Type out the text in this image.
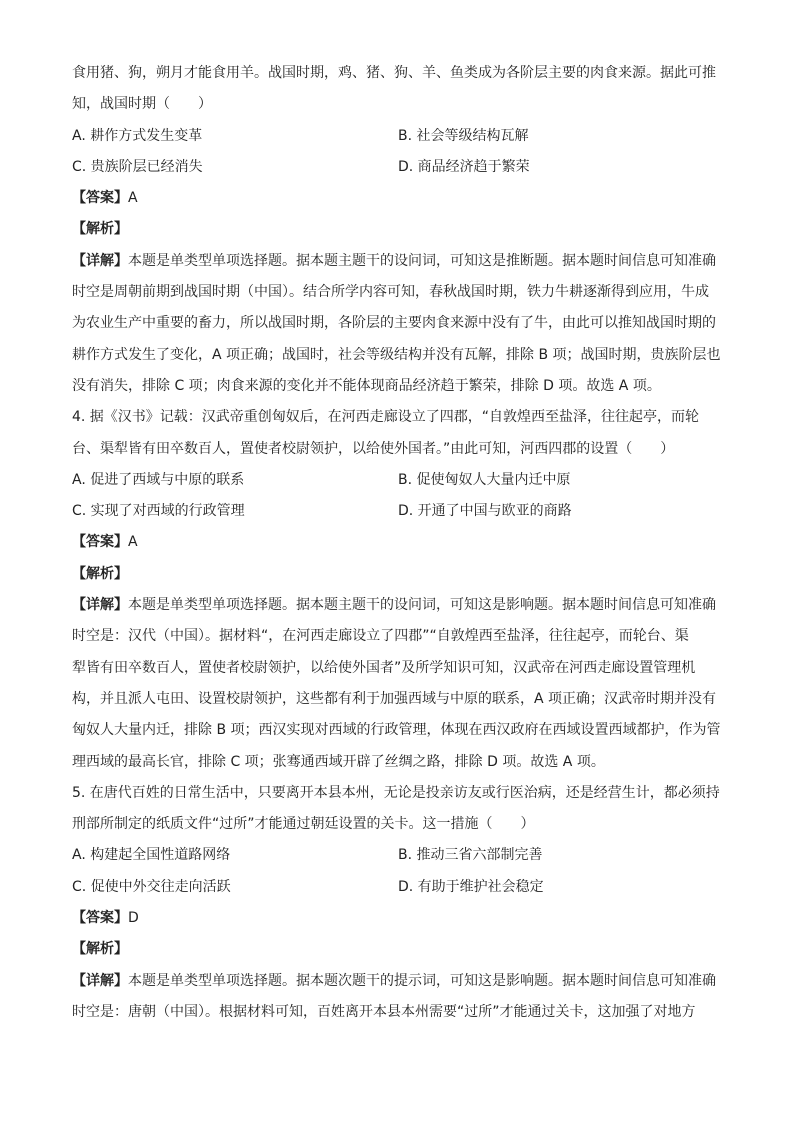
食用猪、狗，朔月才能食用羊。战国时期，鸡、猪、狗、羊、鱼类成为各阶层主要的肉食来源。据此可推
知，战国时期（　　）
A. 耕作方式发生变革	B. 社会等级结构瓦解
C. 贵族阶层已经消失	D. 商品经济趋于繁荣
【答案】A
【解析】
【详解】本题是单类型单项选择题。据本题主题干的设问词，可知这是推断题。据本题时间信息可知准确
时空是周朝前期到战国时期（中国）。结合所学内容可知，春秋战国时期，铁力牛耕逐渐得到应用，牛成
为农业生产中重要的畜力，所以战国时期，各阶层的主要肉食来源中没有了牛，由此可以推知战国时期的
耕作方式发生了变化，A 项正确；战国时，社会等级结构并没有瓦解，排除 B 项；战国时期，贵族阶层也
没有消失，排除 C 项；肉食来源的变化并不能体现商品经济趋于繁荣，排除 D 项。故选 A 项。
4. 据《汉书》记载：汉武帝重创匈奴后，在河西走廊设立了四郡，“自敦煌西至盐泽，往往起亭，而轮
台、渠犁皆有田卒数百人，置使者校尉领护，以给使外国者。”由此可知，河西四郡的设置（　　）
A. 促进了西域与中原的联系	B. 促使匈奴人大量内迁中原
C. 实现了对西域的行政管理	D. 开通了中国与欧亚的商路
【答案】A
【解析】
【详解】本题是单类型单项选择题。据本题主题干的设问词，可知这是影响题。据本题时间信息可知准确
时空是：汉代（中国）。据材料“，在河西走廊设立了四郡”“自敦煌西至盐泽，往往起亭，而轮台、渠
犁皆有田卒数百人，置使者校尉领护，以给使外国者”及所学知识可知，汉武帝在河西走廊设置管理机
构，并且派人屯田、设置校尉领护，这些都有利于加强西域与中原的联系，A 项正确；汉武帝时期并没有
匈奴人大量内迁，排除 B 项；西汉实现对西域的行政管理，体现在西汉政府在西域设置西域都护，作为管
理西域的最高长官，排除 C 项；张骞通西域开辟了丝绸之路，排除 D 项。故选 A 项。
5. 在唐代百姓的日常生活中，只要离开本县本州，无论是投亲访友或行医治病，还是经营生计，都必须持
刑部所制定的纸质文件“过所”才能通过朝廷设置的关卡。这一措施（　　）
A. 构建起全国性道路网络	B. 推动三省六部制完善
C. 促使中外交往走向活跃	D. 有助于维护社会稳定
【答案】D
【解析】
【详解】本题是单类型单项选择题。据本题次题干的提示词，可知这是影响题。据本题时间信息可知准确
时空是：唐朝（中国）。根据材料可知，百姓离开本县本州需要“过所”才能通过关卡，这加强了对地方
